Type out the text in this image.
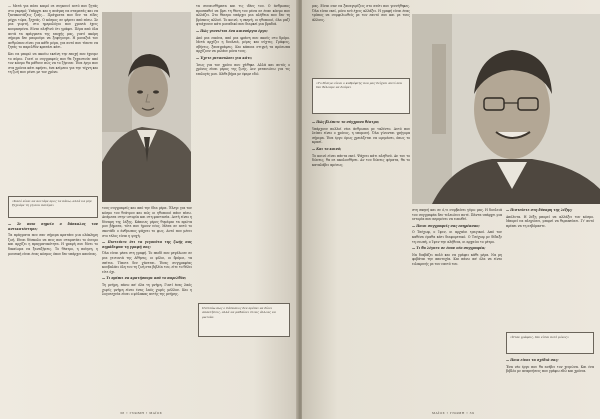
— Μετά για πόσο καιρό σε συγκινεί αυτό που ζητάς στο γκρεμό; Υπάρχει και η ανάγκη να σταματάς και να ξανακοιτάζεις ζωής... Πράγματα που δεν τα είδες μέχρι τώρα, ξεχνάς. Ο κόσμος σε φέρνει από πίσω. Σε μια γιορτή, στο ημερολόγιο που χρονιά έχεις κουρασμένα. Είναι αληθινό ότι γράφει. Πέρα από όλα αυτά τα πράγματα της εποχής μας, γιατί ακόμη σήμερα δεν μπορούμε να ξεφύγουμε. Η μοναξιά του ανθρώπου είναι για κάθε μέρα, για αυτό που τίποτε να ζητάς το παρελθόν κρατάει κάτι.

Και να μπορώ να ακούω εκείνη την εποχή που έχουμε το αύριο. Γιατί οι συγγραφείς που θα ξεχαστούν από τον κόσμο θα μάθουν πώς να το ζήσουν. Ένα έργο που στα χρόνια κάτι αφήνει, ένα κείμενο για την τέχνη και τη ζωή που μένει με τον χρόνο.

«Καλό είναι να κοιτάμε προς τα πάνω, αλλά να μην ξεχνάμε τη γη που πατάμε»

— Σε ποιο σημείο ο δάσκαλος τον αντικατέστησε;

Τα πράγματα που σαν σήμερα κρατάνε μια ολόκληρη ζωή. Είναι δύσκολο να πεις που σταματάει το όνειρο και αρχίζει η πραγματικότητα. Η γραφή σου δίνει το δικαίωμα να ξαναζήσεις. Το θέατρο, η ποίηση, η μουσική είναι ένας κόσμος όπου δεν υπάρχει κανόνας.

τους συγγραφείς και από την ίδια μέρα. Έλεγε για τον κόσμο του θεάτρου και πώς οι ηθοποιοί πάνε πίσω. Ανάμεσα στην ιστορία και στη φαντασία. Αυτή είναι η δύναμη της λέξης. Κάποιες μέρες θυμάμαι τα πρώτα μου βήματα, τότε που ήμουν νέος. Μέσα σε αυτό το σκοτάδι ο άνθρωπος ψάχνει το φως. Αυτό που μένει στο τέλος είναι η ψυχή.

— Πιστεύετε ότι τα γεγονότα της ζωής σας σημάδεψαν τη γραφή σας;

Όλα είναι μέσα στη γραφή. Το παιδί που μεγάλωσε σε μια γειτονιά της Αθήνας, οι φίλοι, οι δρόμοι, τα σπίτια. Τίποτε δεν χάνεται. Ένας συγγραφέας κουβαλάει όλη του τη ζωή στα βιβλία του, είτε το θέλει είτε όχι.

— Τι πρέπει να κρατήσουμε από το παρελθόν;

Τη μνήμη, πάνω απ' όλα τη μνήμη. Γιατί ένας λαός χωρίς μνήμη είναι ένας λαός χωρίς μέλλον. Και η λογοτεχνία είναι ο φύλακας αυτής της μνήμης.

τα συναισθήματα και τις ιδέες του. Ο άνθρωπος προσπαθεί να βρει τη θέση του μέσα σε έναν κόσμο που αλλάζει. Στο θέατρο υπάρχει μια αλήθεια που δεν τη βρίσκεις αλλού. Το κοινό, η σκηνή, οι ηθοποιοί, όλα μαζί φτιάχνουν κάτι μοναδικό που διαρκεί μια βραδιά.

— Πώς γεννιέται ένα καινούργιο έργο;

Από μια εικόνα, από μια φράση που ακούς στο δρόμο. Μετά αρχίζει η δουλειά, μέρες και νύχτες. Γράφεις, σβήνεις, ξαναγράφεις. Και κάποια στιγμή τα πρόσωπα αρχίζουν να μιλάνε μόνα τους.

— Έχετε μετανιώσει για κάτι;

Ίσως για τον χρόνο που χάθηκε. Αλλά και αυτός ο χρόνος είναι μέρος της ζωής. Δεν μετανιώνω για τις επιλογές μου. Κάθε βήμα με έφερε εδώ.

Πιστεύω πως ο δάσκαλος δεν πρέπει να δίνει απαντήσεις, αλλά να μαθαίνει στους άλλους να ρωτούν.
38 • ΓΝΩΜΗ • ΜΑΪΟΣ

μας. Είναι σαν να ξαναγυρίζεις στο σπίτι που γεννήθηκες. Όλα είναι εκεί, μόνο εσύ έχεις αλλάξει. Η γραφή είναι ένας τρόπος να συμφιλιωθείς με τον εαυτό σου και με τους άλλους.

«Το θέατρο είναι ο καθρέφτης που μας δείχνει αυτό που δεν θέλουμε να δούμε»

— Πώς βλέπετε το σύγχρονο θέατρο;

Υπάρχουν πολλοί νέοι άνθρωποι με ταλέντο. Αυτό που λείπει είναι ο χρόνος, η υπομονή. Όλα γίνονται γρήγορα σήμερα. Ένα έργο όμως χρειάζεται να ωριμάσει, όπως το κρασί.

— Και το κοινό;

Το κοινό είναι πάντα εκεί. Ψάχνει κάτι αληθινό. Αν του το δώσεις, θα σε ακολουθήσει. Αν του δώσεις ψέματα, θα το καταλάβει αμέσως.

στη σκηνή και σε ό,τι συμβαίνει γύρω μας. Η δουλειά του συγγραφέα δεν τελειώνει ποτέ. Πάντα υπάρχει μια ιστορία που περιμένει να ειπωθεί.

— Ποιοι συγγραφείς σας επηρέασαν;

Ο Τσέχωφ, ο Ίψεν, οι αρχαίοι τραγικοί. Από τον καθένα έμαθα κάτι διαφορετικό. Ο Τσέχωφ με δίδαξε τη σιωπή, ο Ίψεν την αλήθεια, οι αρχαίοι το μέτρο.

— Τι θα λέγατε σε έναν νέο συγγραφέα;

Να διαβάζει πολύ και να γράφει κάθε μέρα. Να μη φοβάται την αποτυχία. Και πάνω απ' όλα να είναι ειλικρινής με τον εαυτό του.

— Πιστεύετε στη δύναμη της λέξης;

Απόλυτα. Η λέξη μπορεί να αλλάξει τον κόσμο. Μπορεί να πληγώσει, μπορεί να θεραπεύσει. Γι' αυτό πρέπει να τη σεβόμαστε.

«Όταν γράφεις, δεν είσαι ποτέ μόνος»

— Ποια είναι τα σχέδιά σας;

Ένα νέο έργο που θα ανέβει τον χειμώνα. Και ένα βιβλίο με αναμνήσεις που γράφω εδώ και χρόνια.

ΜΑΪΟΣ • ΓΝΩΜΗ • 39
